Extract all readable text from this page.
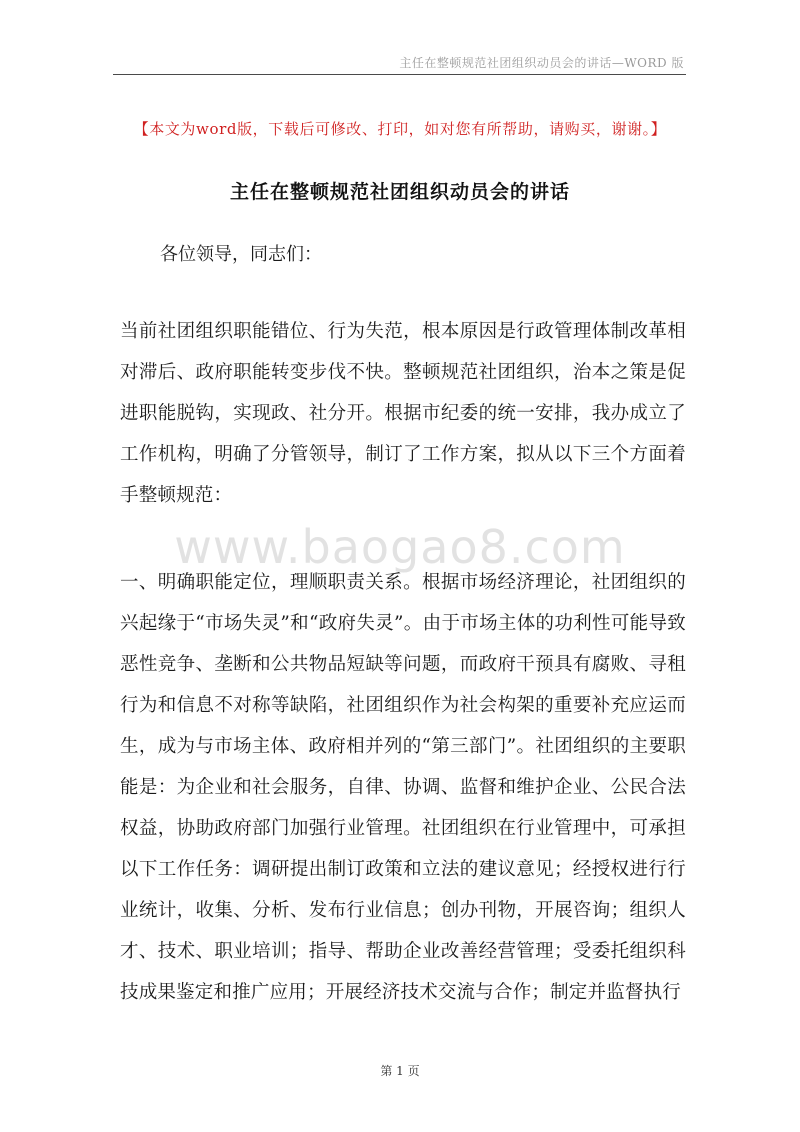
主任在整顿规范社团组织动员会的讲话—WORD 版
【本文为word版，下载后可修改、打印，如对您有所帮助，请购买，谢谢。】
主任在整顿规范社团组织动员会的讲话
各位领导，同志们：
当前社团组织职能错位、行为失范，根本原因是行政管理体制改革相对滞后、政府职能转变步伐不快。整顿规范社团组织，治本之策是促进职能脱钩，实现政、社分开。根据市纪委的统一安排，我办成立了工作机构，明确了分管领导，制订了工作方案，拟从以下三个方面着手整顿规范：
www.baogao8.com
一、明确职能定位，理顺职责关系。根据市场经济理论，社团组织的兴起缘于“市场失灵”和“政府失灵”。由于市场主体的功利性可能导致恶性竞争、垄断和公共物品短缺等问题，而政府干预具有腐败、寻租行为和信息不对称等缺陷，社团组织作为社会构架的重要补充应运而生，成为与市场主体、政府相并列的“第三部门”。社团组织的主要职能是：为企业和社会服务，自律、协调、监督和维护企业、公民合法权益，协助政府部门加强行业管理。社团组织在行业管理中，可承担以下工作任务：调研提出制订政策和立法的建议意见；经授权进行行业统计，收集、分析、发布行业信息；创办刊物，开展咨询；组织人才、技术、职业培训；指导、帮助企业改善经营管理；受委托组织科技成果鉴定和推广应用；开展经济技术交流与合作；制定并监督执行
第 1 页
